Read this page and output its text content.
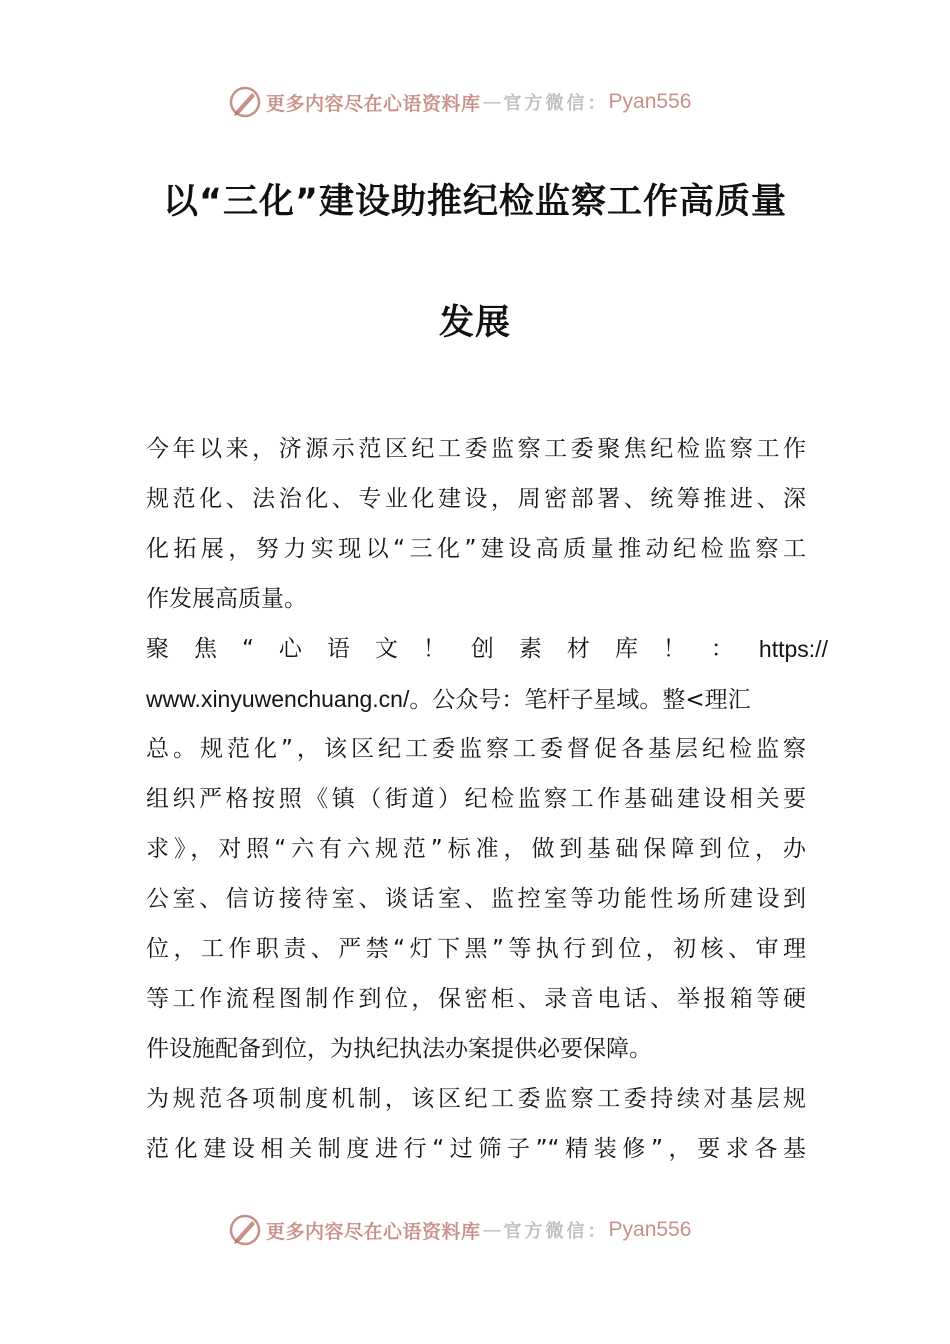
更多内容尽在心语资料库 — 官方微信： Pyan556
以“三化”建设助推纪检监察工作高质量
发展
今年以来，济源示范区纪工委监察工委聚焦纪检监察工作
规范化、法治化、专业化建设，周密部署、统筹推进、深
化拓展，努力实现以“三化”建设高质量推动纪检监察工
作发展高质量。
聚焦“心语文！创素材库！： https://
www.xinyuwenchuang.cn/。公众号：笔杆子星域。整<理汇
总。规范化”，该区纪工委监察工委督促各基层纪检监察
组织严格按照《镇（街道）纪检监察工作基础建设相关要
求》，对照“六有六规范”标准，做到基础保障到位，办
公室、信访接待室、谈话室、监控室等功能性场所建设到
位，工作职责、严禁“灯下黑”等执行到位，初核、审理
等工作流程图制作到位，保密柜、录音电话、举报箱等硬
件设施配备到位，为执纪执法办案提供必要保障。
为规范各项制度机制，该区纪工委监察工委持续对基层规
范化建设相关制度进行“过筛子”“精装修”，要求各基
更多内容尽在心语资料库 — 官方微信： Pyan556
